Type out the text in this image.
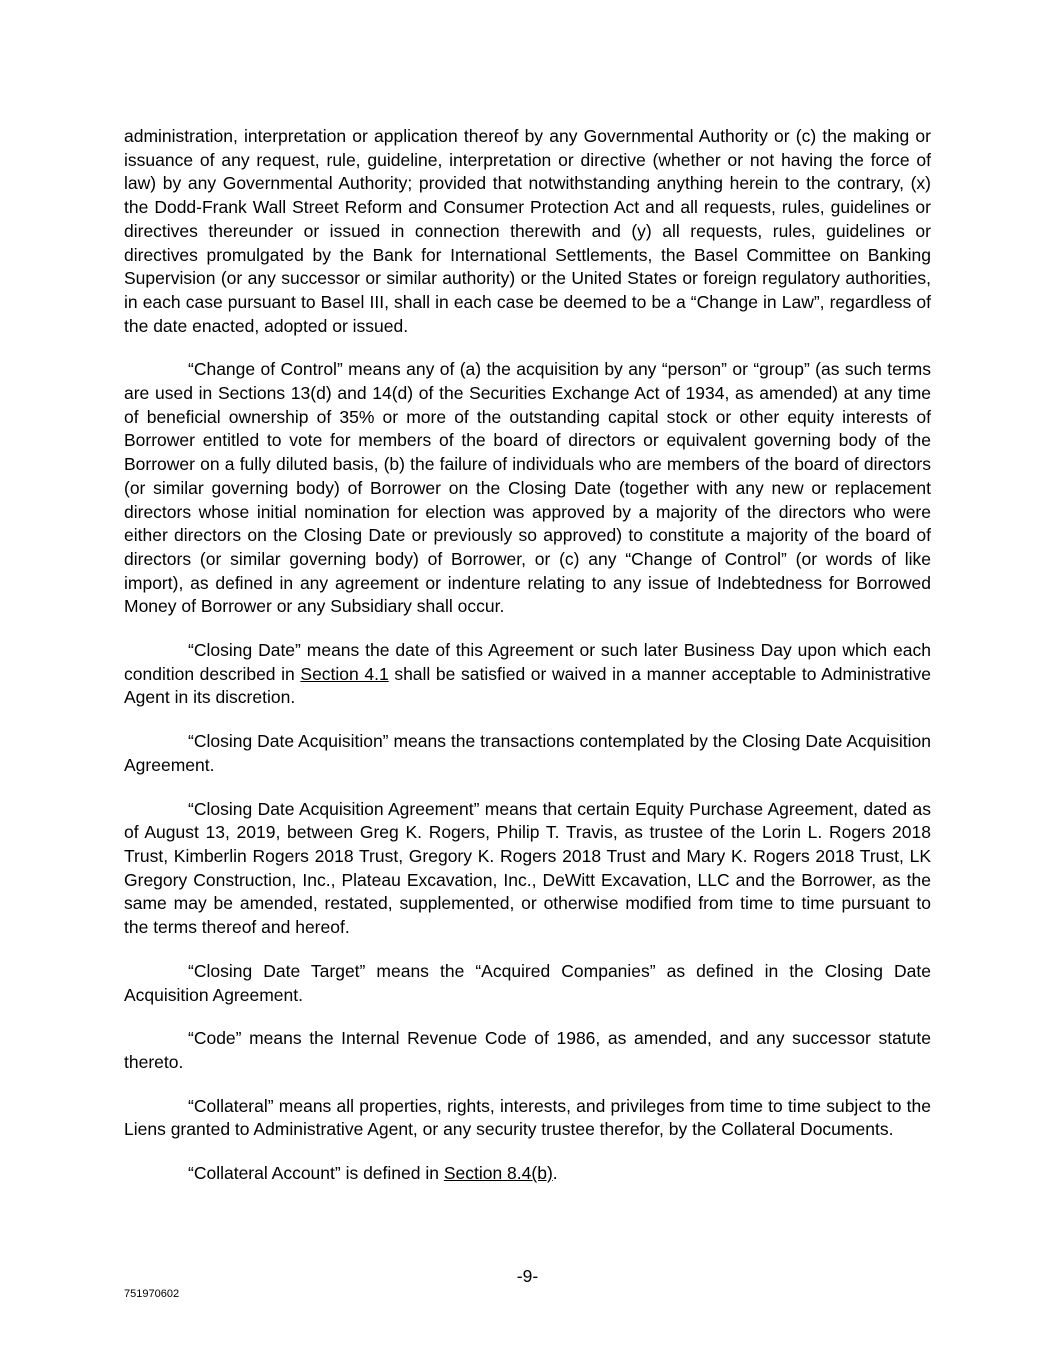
administration, interpretation or application thereof by any Governmental Authority or (c) the making or issuance of any request, rule, guideline, interpretation or directive (whether or not having the force of law) by any Governmental Authority; provided that notwithstanding anything herein to the contrary, (x) the Dodd-Frank Wall Street Reform and Consumer Protection Act and all requests, rules, guidelines or directives thereunder or issued in connection therewith and (y) all requests, rules, guidelines or directives promulgated by the Bank for International Settlements, the Basel Committee on Banking Supervision (or any successor or similar authority) or the United States or foreign regulatory authorities, in each case pursuant to Basel III, shall in each case be deemed to be a “Change in Law”, regardless of the date enacted, adopted or issued.

“Change of Control” means any of (a) the acquisition by any “person” or “group” (as such terms are used in Sections 13(d) and 14(d) of the Securities Exchange Act of 1934, as amended) at any time of beneficial ownership of 35% or more of the outstanding capital stock or other equity interests of Borrower entitled to vote for members of the board of directors or equivalent governing body of the Borrower on a fully diluted basis, (b) the failure of individuals who are members of the board of directors (or similar governing body) of Borrower on the Closing Date (together with any new or replacement directors whose initial nomination for election was approved by a majority of the directors who were either directors on the Closing Date or previously so approved) to constitute a majority of the board of directors (or similar governing body) of Borrower, or (c) any “Change of Control” (or words of like import), as defined in any agreement or indenture relating to any issue of Indebtedness for Borrowed Money of Borrower or any Subsidiary shall occur.

“Closing Date” means the date of this Agreement or such later Business Day upon which each condition described in Section 4.1 shall be satisfied or waived in a manner acceptable to Administrative Agent in its discretion.

“Closing Date Acquisition” means the transactions contemplated by the Closing Date Acquisition Agreement.

“Closing Date Acquisition Agreement” means that certain Equity Purchase Agreement, dated as of August 13, 2019, between Greg K. Rogers, Philip T. Travis, as trustee of the Lorin L. Rogers 2018 Trust, Kimberlin Rogers 2018 Trust, Gregory K. Rogers 2018 Trust and Mary K. Rogers 2018 Trust, LK Gregory Construction, Inc., Plateau Excavation, Inc., DeWitt Excavation, LLC and the Borrower, as the same may be amended, restated, supplemented, or otherwise modified from time to time pursuant to the terms thereof and hereof.

“Closing Date Target” means the “Acquired Companies” as defined in the Closing Date Acquisition Agreement.

“Code” means the Internal Revenue Code of 1986, as amended, and any successor statute thereto.

“Collateral” means all properties, rights, interests, and privileges from time to time subject to the Liens granted to Administrative Agent, or any security trustee therefor, by the Collateral Documents.

“Collateral Account” is defined in Section 8.4(b).

-9-
751970602
